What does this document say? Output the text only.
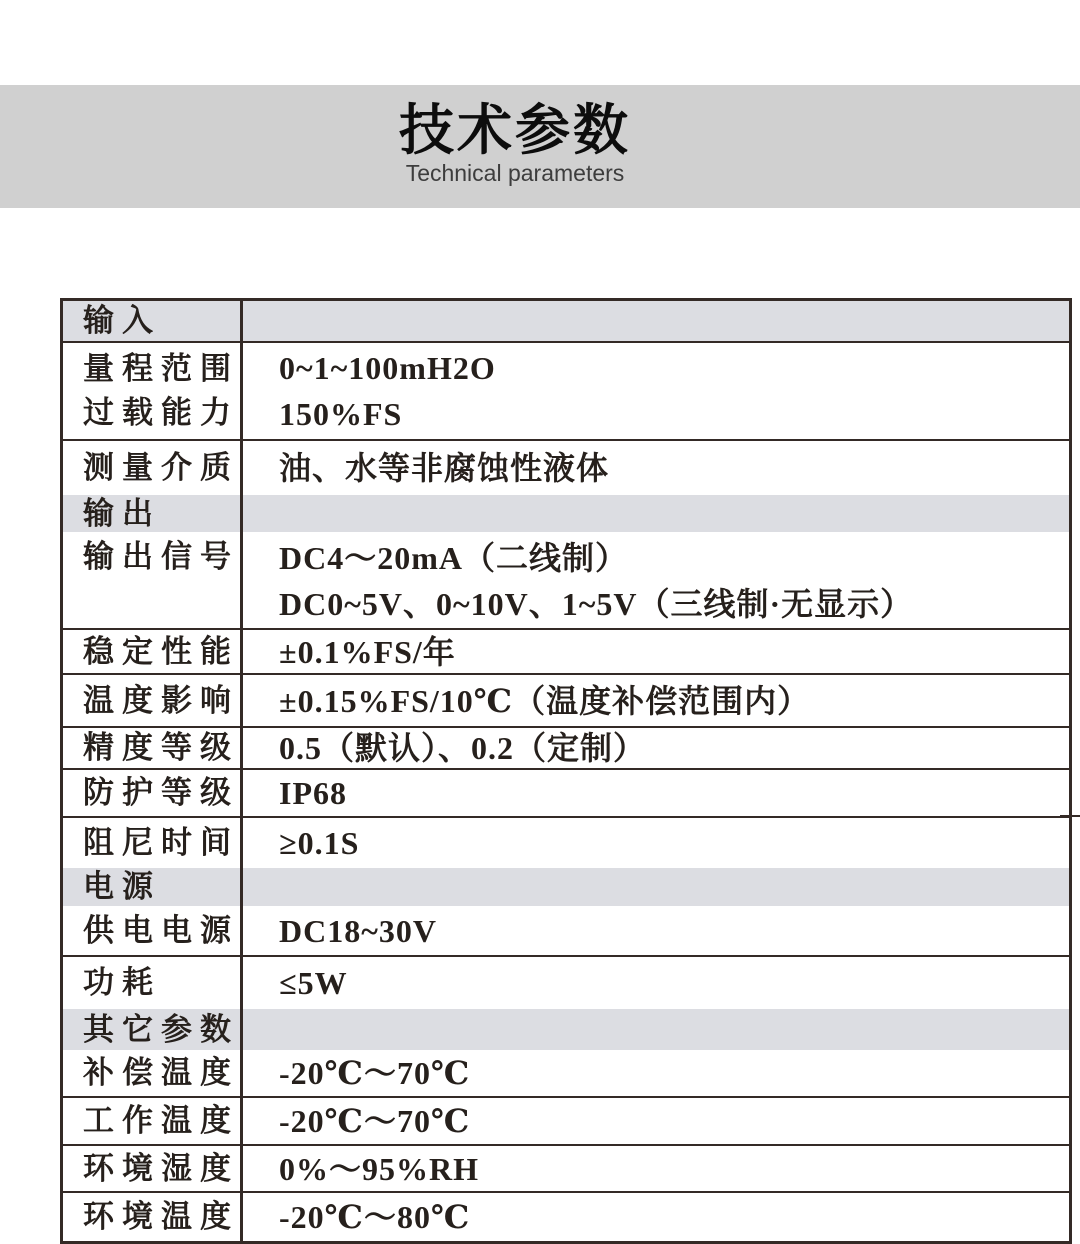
技术参数
Technical parameters
输入
量程范围
过载能力
0~1~100mH2O
150%FS
测量介质 油、水等非腐蚀性液体
输出
输出信号 DC4～20mA（二线制）
DC0~5V、0~10V、1~5V（三线制·无显示）
稳定性能 ±0.1%FS/年
温度影响 ±0.15%FS/10℃（温度补偿范围内）
精度等级 0.5（默认）、0.2（定制）
防护等级 IP68
阻尼时间 ≥0.1S
电源
供电电源 DC18~30V
功耗	≤5W
其它参数
补偿温度 -20℃～70℃
工作温度 -20℃～70℃
环境湿度 0%～95%RH
环境温度 -20℃～80℃
